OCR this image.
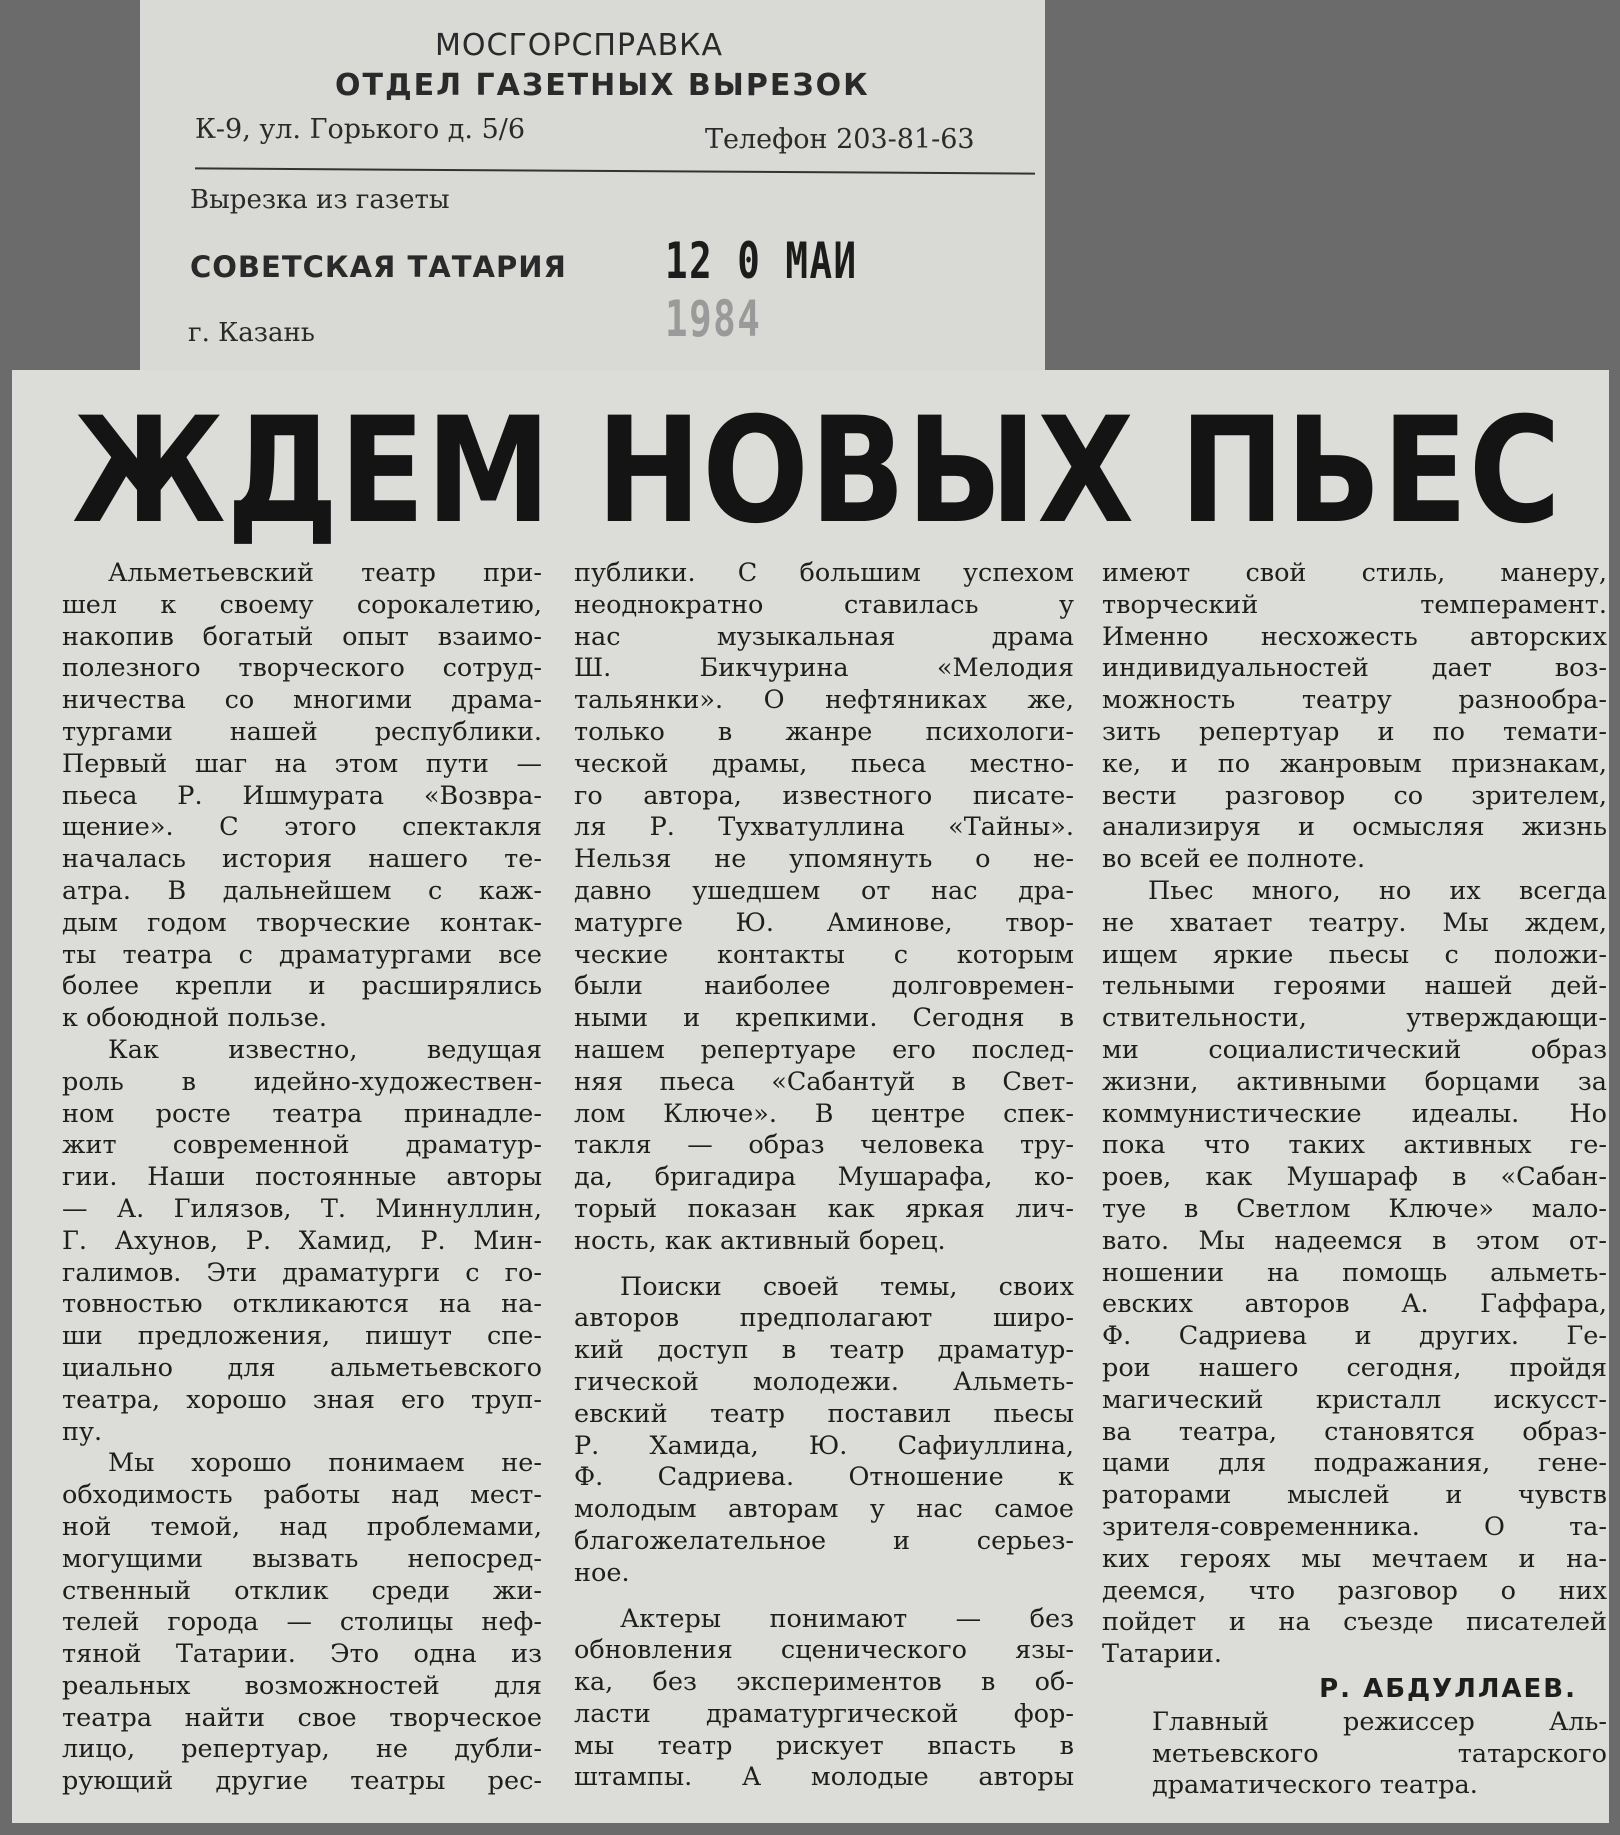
МОСГОРСПРАВКА
ОТДЕЛ ГАЗЕТНЫХ ВЫРЕЗОК
К-9, ул. Горького д. 5/6	Телефон 203-81-63
Вырезка из газеты
СОВЕТСКАЯ ТАТАРИЯ 12 0 МАИ 1984
г. Казань
ЖДЕМ НОВЫХ ПЬЕС
Альметьевский театр при-
шел к своему сорокалетию,
накопив богатый опыт взаимо-
полезного творческого сотруд-
ничества со многими драма-
тургами нашей республики.
Первый шаг на этом пути —
пьеса Р. Ишмурата «Возвра-
щение». С этого спектакля
началась история нашего те-
атра. В дальнейшем с каж-
дым годом творческие контак-
ты театра с драматургами все
более крепли и расширялись
к обоюдной пользе.
Как известно, ведущая
роль в идейно-художествен-
ном росте театра принадле-
жит современной драматур-
гии. Наши постоянные авторы
— А. Гилязов, Т. Миннуллин,
Г. Ахунов, Р. Хамид, Р. Мин-
галимов. Эти драматурги с го-
товностью откликаются на на-
ши предложения, пишут спе-
циально для альметьевского
театра, хорошо зная его труп-
пу.
Мы хорошо понимаем не-
обходимость работы над мест-
ной темой, над проблемами,
могущими вызвать непосред-
ственный отклик среди жи-
телей города — столицы неф-
тяной Татарии. Это одна из
реальных возможностей для
театра найти свое творческое
лицо, репертуар, не дубли-
рующий другие театры рес-
публики. С большим успехом
неоднократно ставилась у
нас музыкальная драма
Ш. Бикчурина «Мелодия
тальянки». О нефтяниках же,
только в жанре психологи-
ческой драмы, пьеса местно-
го автора, известного писате-
ля Р. Тухватуллина «Тайны».
Нельзя не упомянуть о не-
давно ушедшем от нас дра-
матурге Ю. Аминове, твор-
ческие контакты с которым
были наиболее долговремен-
ными и крепкими. Сегодня в
нашем репертуаре его послед-
няя пьеса «Сабантуй в Свет-
лом Ключе». В центре спек-
такля — образ человека тру-
да, бригадира Мушарафа, ко-
торый показан как яркая лич-
ность, как активный борец.
Поиски своей темы, своих
авторов предполагают широ-
кий доступ в театр драматур-
гической молодежи. Альметь-
евский театр поставил пьесы
Р. Хамида, Ю. Сафиуллина,
Ф. Садриева. Отношение к
молодым авторам у нас самое
благожелательное и серьез-
ное.
Актеры понимают — без
обновления сценического язы-
ка, без экспериментов в об-
ласти драматургической фор-
мы театр рискует впасть в
штампы. А молодые авторы
имеют свой стиль, манеру,
творческий темперамент.
Именно несхожесть авторских
индивидуальностей дает воз-
можность театру разнообра-
зить репертуар и по темати-
ке, и по жанровым признакам,
вести разговор со зрителем,
анализируя и осмысляя жизнь
во всей ее полноте.
Пьес много, но их всегда
не хватает театру. Мы ждем,
ищем яркие пьесы с положи-
тельными героями нашей дей-
ствительности, утверждающи-
ми социалистический образ
жизни, активными борцами за
коммунистические идеалы. Но
пока что таких активных ге-
роев, как Мушараф в «Сабан-
туе в Светлом Ключе» мало-
вато. Мы надеемся в этом от-
ношении на помощь альметь-
евских авторов А. Гаффара,
Ф. Садриева и других. Ге-
рои нашего сегодня, пройдя
магический кристалл искусст-
ва театра, становятся образ-
цами для подражания, гене-
раторами мыслей и чувств
зрителя-современника. О та-
ких героях мы мечтаем и на-
деемся, что разговор о них
пойдет и на съезде писателей
Татарии.
Р. АБДУЛЛАЕВ.
Главный режиссер Аль-
метьевского татарского
драматического театра.
